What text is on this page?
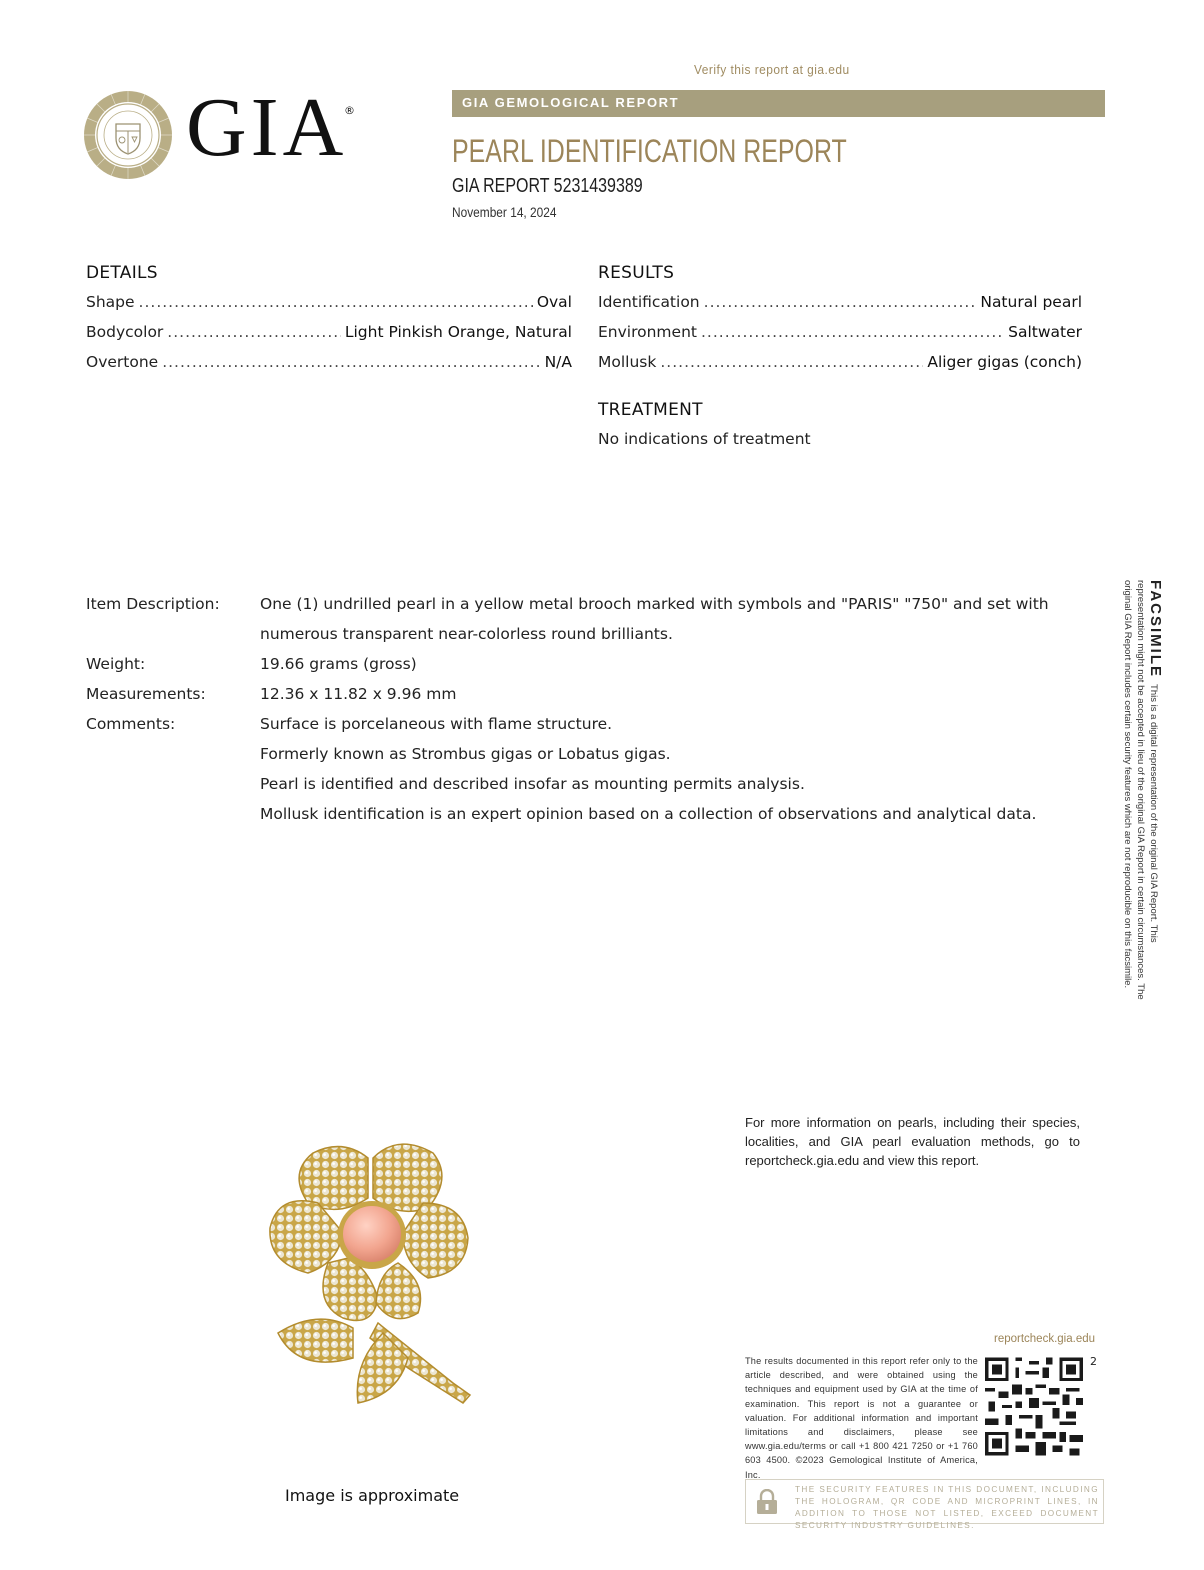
Verify this report at gia.edu
GIA
®
GIA GEMOLOGICAL REPORT
PEARL IDENTIFICATION REPORT
GIA REPORT 5231439389
November 14, 2024
DETAILS
Shape .....	Oval
Bodycolor .....	Light Pinkish Orange, Natural
Overtone .....	N/A
RESULTS
Identification .....	Natural pearl
Environment .....	Saltwater
Mollusk .....	Aliger gigas (conch)
TREATMENT
No indications of treatment
Item Description:	One (1) undrilled pearl in a yellow metal brooch marked with symbols and "PARIS" "750" and set with
numerous transparent near-colorless round brilliants.
Weight:	19.66 grams (gross)
Measurements:	12.36 x 11.82 x 9.96 mm
Comments:	Surface is porcelaneous with flame structure.
Formerly known as Strombus gigas or Lobatus gigas.
Pearl is identified and described insofar as mounting permits analysis.
Mollusk identification is an expert opinion based on a collection of observations and analytical data.
FACSIMILEThis is a digital representation of the original GIA Report. This representation might not be accepted in lieu of the original GIA Report in certain circumstances. The original GIA Report includes certain security features which are not reproducible on this facsimile.
Image is approximate
For more information on pearls, including their species, localities, and GIA pearl evaluation methods, go to reportcheck.gia.edu and view this report.
reportcheck.gia.edu
The results documented in this report refer only to the article described, and were obtained using the techniques and equipment used by GIA at the time of examination. This report is not a guarantee or valuation. For additional information and important limitations and disclaimers, please see www.gia.edu/terms or call +1 800 421 7250 or +1 760 603 4500. ©2023 Gemological Institute of America, Inc.
2
THE SECURITY FEATURES IN THIS DOCUMENT, INCLUDING THE HOLOGRAM, QR CODE AND MICROPRINT LINES, IN ADDITION TO THOSE NOT LISTED, EXCEED DOCUMENT SECURITY INDUSTRY GUIDELINES.
